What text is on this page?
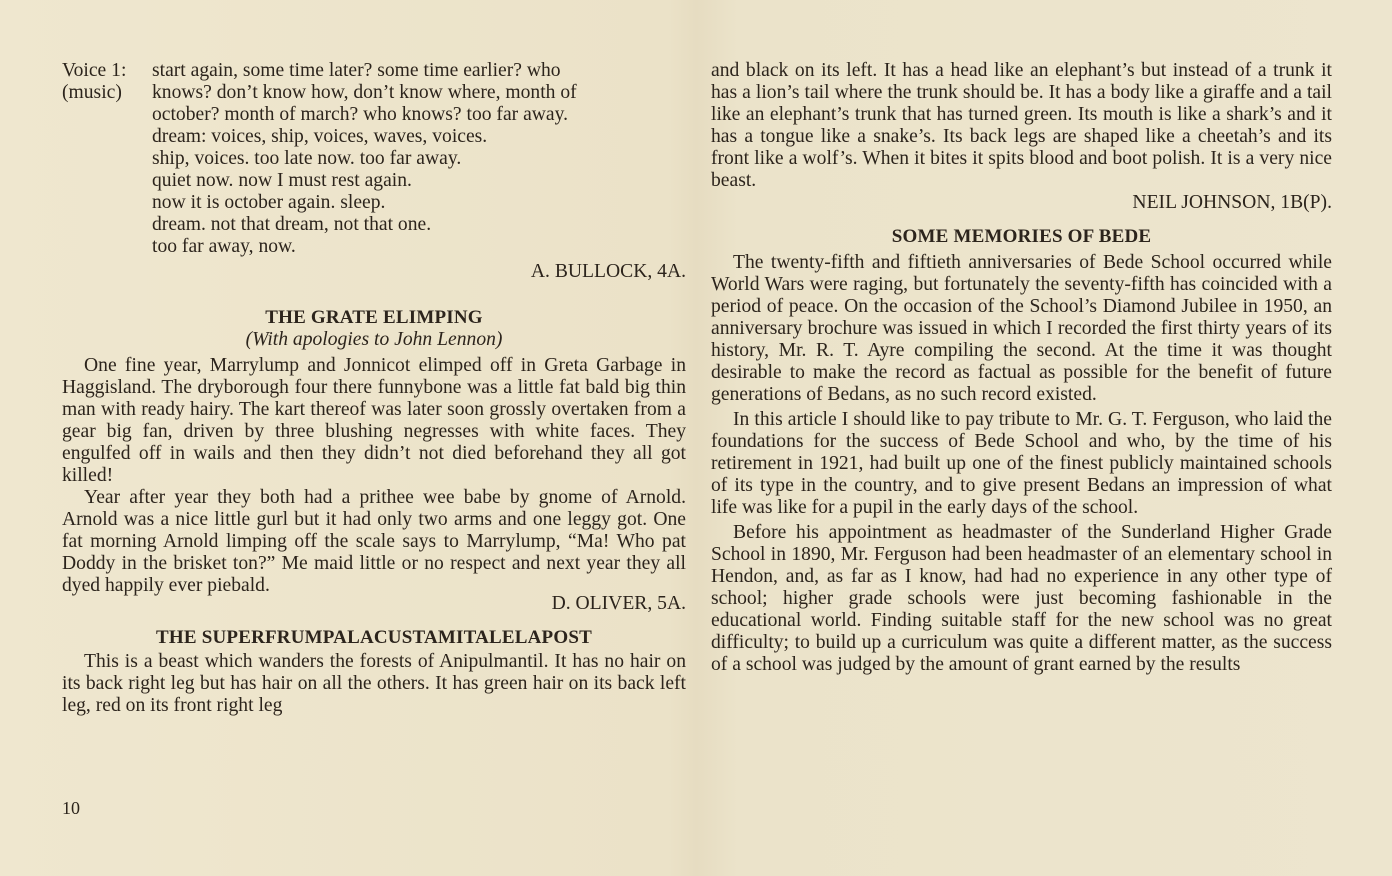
Voice 1:
(music)
start again, some time later? some time earlier? who
knows? don’t know how, don’t know where, month of
october? month of march? who knows? too far away.
dream: voices, ship, voices, waves, voices.
ship, voices. too late now. too far away.
quiet now. now I must rest again.
now it is october again. sleep.
dream. not that dream, not that one.
too far away, now.

A. BULLOCK, 4A.

THE GRATE ELIMPING

(With apologies to John Lennon)

One fine year, Marrylump and Jonnicot elimped off in Greta Garbage in Haggisland. The dryborough four there funnybone was a little fat bald big thin man with ready hairy. The kart thereof was later soon grossly overtaken from a gear big fan, driven by three blushing negresses with white faces. They engulfed off in wails and then they didn’t not died beforehand they all got killed!

Year after year they both had a prithee wee babe by gnome of Arnold. Arnold was a nice little gurl but it had only two arms and one leggy got. One fat morning Arnold limping off the scale says to Marrylump, “Ma! Who pat Doddy in the brisket ton?” Me maid little or no respect and next year they all dyed happily ever piebald.

D. OLIVER, 5A.

THE SUPERFRUMPALACUSTAMITALELAPOST

This is a beast which wanders the forests of Anipulmantil. It has no hair on its back right leg but has hair on all the others. It has green hair on its back left leg, red on its front right leg

10

and black on its left. It has a head like an elephant’s but instead of a trunk it has a lion’s tail where the trunk should be. It has a body like a giraffe and a tail like an elephant’s trunk that has turned green. Its mouth is like a shark’s and it has a tongue like a snake’s. Its back legs are shaped like a cheetah’s and its front like a wolf’s. When it bites it spits blood and boot polish. It is a very nice beast.

NEIL JOHNSON, 1B(P).

SOME MEMORIES OF BEDE

The twenty-fifth and fiftieth anniversaries of Bede School occurred while World Wars were raging, but fortunately the seventy-fifth has coincided with a period of peace. On the occasion of the School’s Diamond Jubilee in 1950, an anniversary brochure was issued in which I recorded the first thirty years of its history, Mr. R. T. Ayre compiling the second. At the time it was thought desirable to make the record as factual as possible for the benefit of future generations of Bedans, as no such record existed.

In this article I should like to pay tribute to Mr. G. T. Ferguson, who laid the foundations for the success of Bede School and who, by the time of his retirement in 1921, had built up one of the finest publicly maintained schools of its type in the country, and to give present Bedans an impression of what life was like for a pupil in the early days of the school.

Before his appointment as headmaster of the Sunderland Higher Grade School in 1890, Mr. Ferguson had been headmaster of an elementary school in Hendon, and, as far as I know, had had no experience in any other type of school; higher grade schools were just becoming fashionable in the educational world. Finding suitable staff for the new school was no great difficulty; to build up a curriculum was quite a different matter, as the success of a school was judged by the amount of grant earned by the results
